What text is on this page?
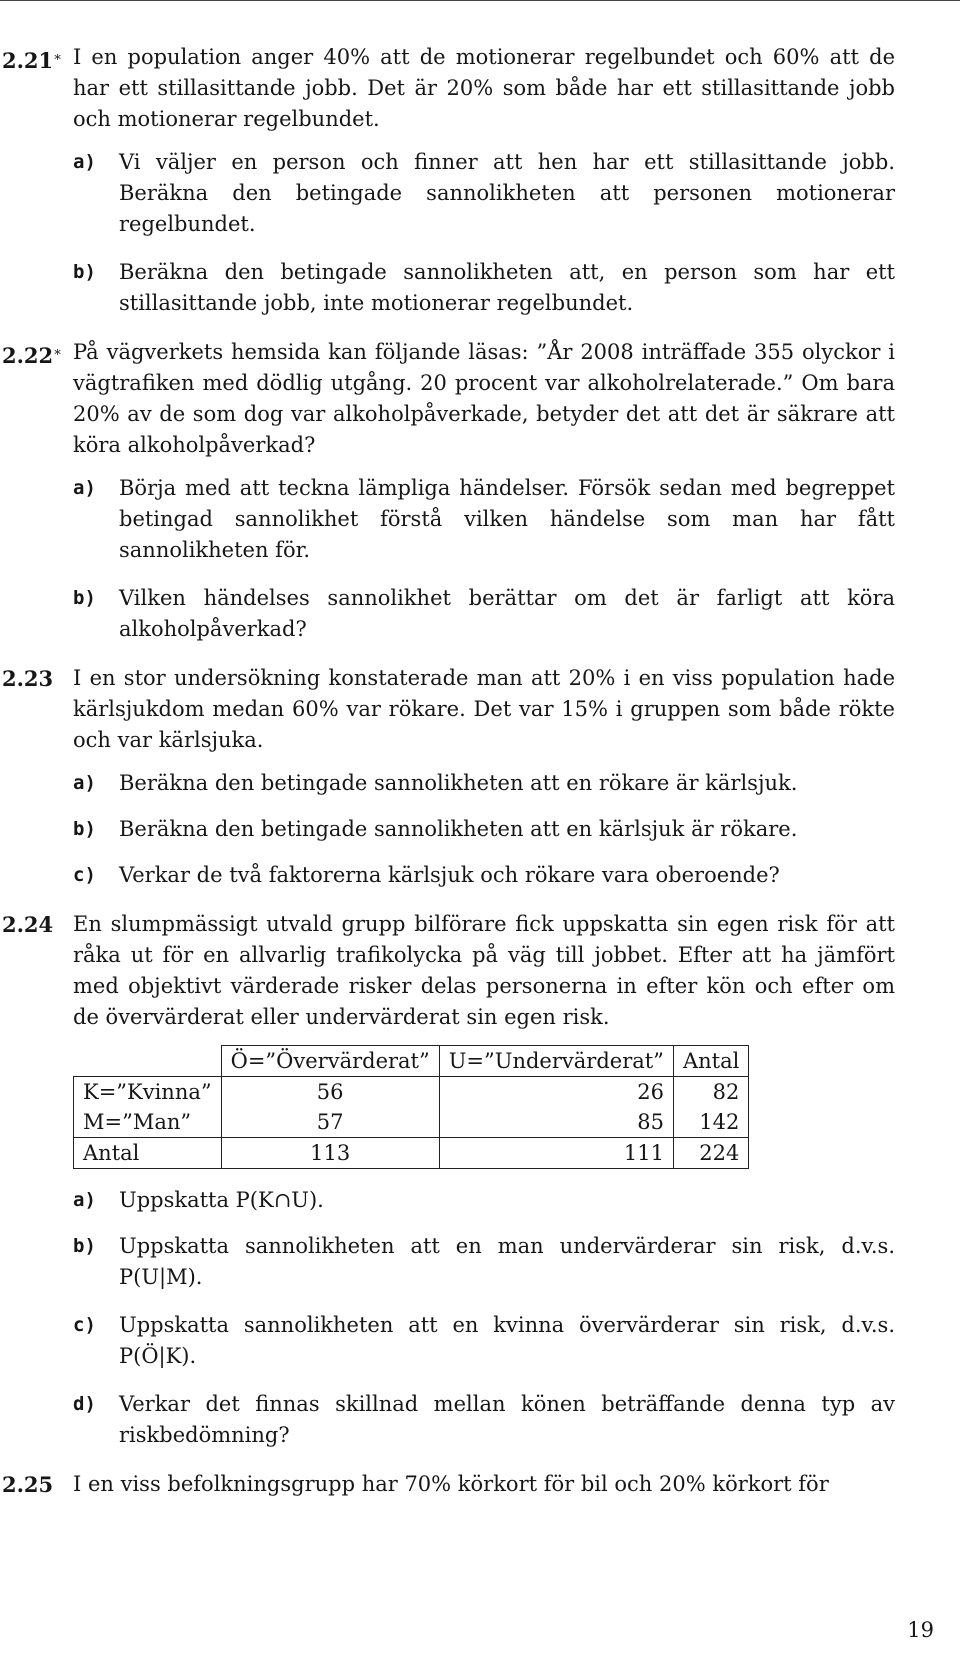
2.21∗ I en population anger 40% att de motionerar regelbundet och 60% att de har ett stillasittande jobb. Det är 20% som både har ett stillasittande jobb och motionerar regelbundet.
a) Vi väljer en person och finner att hen har ett stillasittande jobb. Beräkna den betingade sannolikheten att personen motionerar regelbundet.
b) Beräkna den betingade sannolikheten att, en person som har ett stillasittande jobb, inte motionerar regelbundet.
2.22∗ På vägverkets hemsida kan följande läsas: ”År 2008 inträffade 355 olyckor i vägtrafiken med dödlig utgång. 20 procent var alkoholrelaterade.” Om bara 20% av de som dog var alkoholpåverkade, betyder det att det är säkrare att köra alkoholpåverkad?
a) Börja med att teckna lämpliga händelser. Försök sedan med begreppet betingad sannolikhet förstå vilken händelse som man har fått sannolikheten för.
b) Vilken händelses sannolikhet berättar om det är farligt att köra alkoholpåverkad?
2.23 I en stor undersökning konstaterade man att 20% i en viss population hade kärlsjukdom medan 60% var rökare. Det var 15% i gruppen som både rökte och var kärlsjuka.
a) Beräkna den betingade sannolikheten att en rökare är kärlsjuk.
b) Beräkna den betingade sannolikheten att en kärlsjuk är rökare.
c) Verkar de två faktorerna kärlsjuk och rökare vara oberoende?
2.24 En slumpmässigt utvald grupp bilförare fick uppskatta sin egen risk för att råka ut för en allvarlig trafikolycka på väg till jobbet. Efter att ha jämfört med objektivt värderade risker delas personerna in efter kön och efter om de övervärderat eller undervärderat sin egen risk.
	Ö=”Övervärderat”	U=”Undervärderat”	Antal
K=”Kvinna”	56	26	82
M=”Man”	57	85	142
Antal	113	111	224
a) Uppskatta P(K∩U).
b) Uppskatta sannolikheten att en man undervärderar sin risk, d.v.s. P(U|M).
c) Uppskatta sannolikheten att en kvinna övervärderar sin risk, d.v.s. P(Ö|K).
d) Verkar det finnas skillnad mellan könen beträffande denna typ av riskbedömning?
2.25 I en viss befolkningsgrupp har 70% körkort för bil och 20% körkort för
19
